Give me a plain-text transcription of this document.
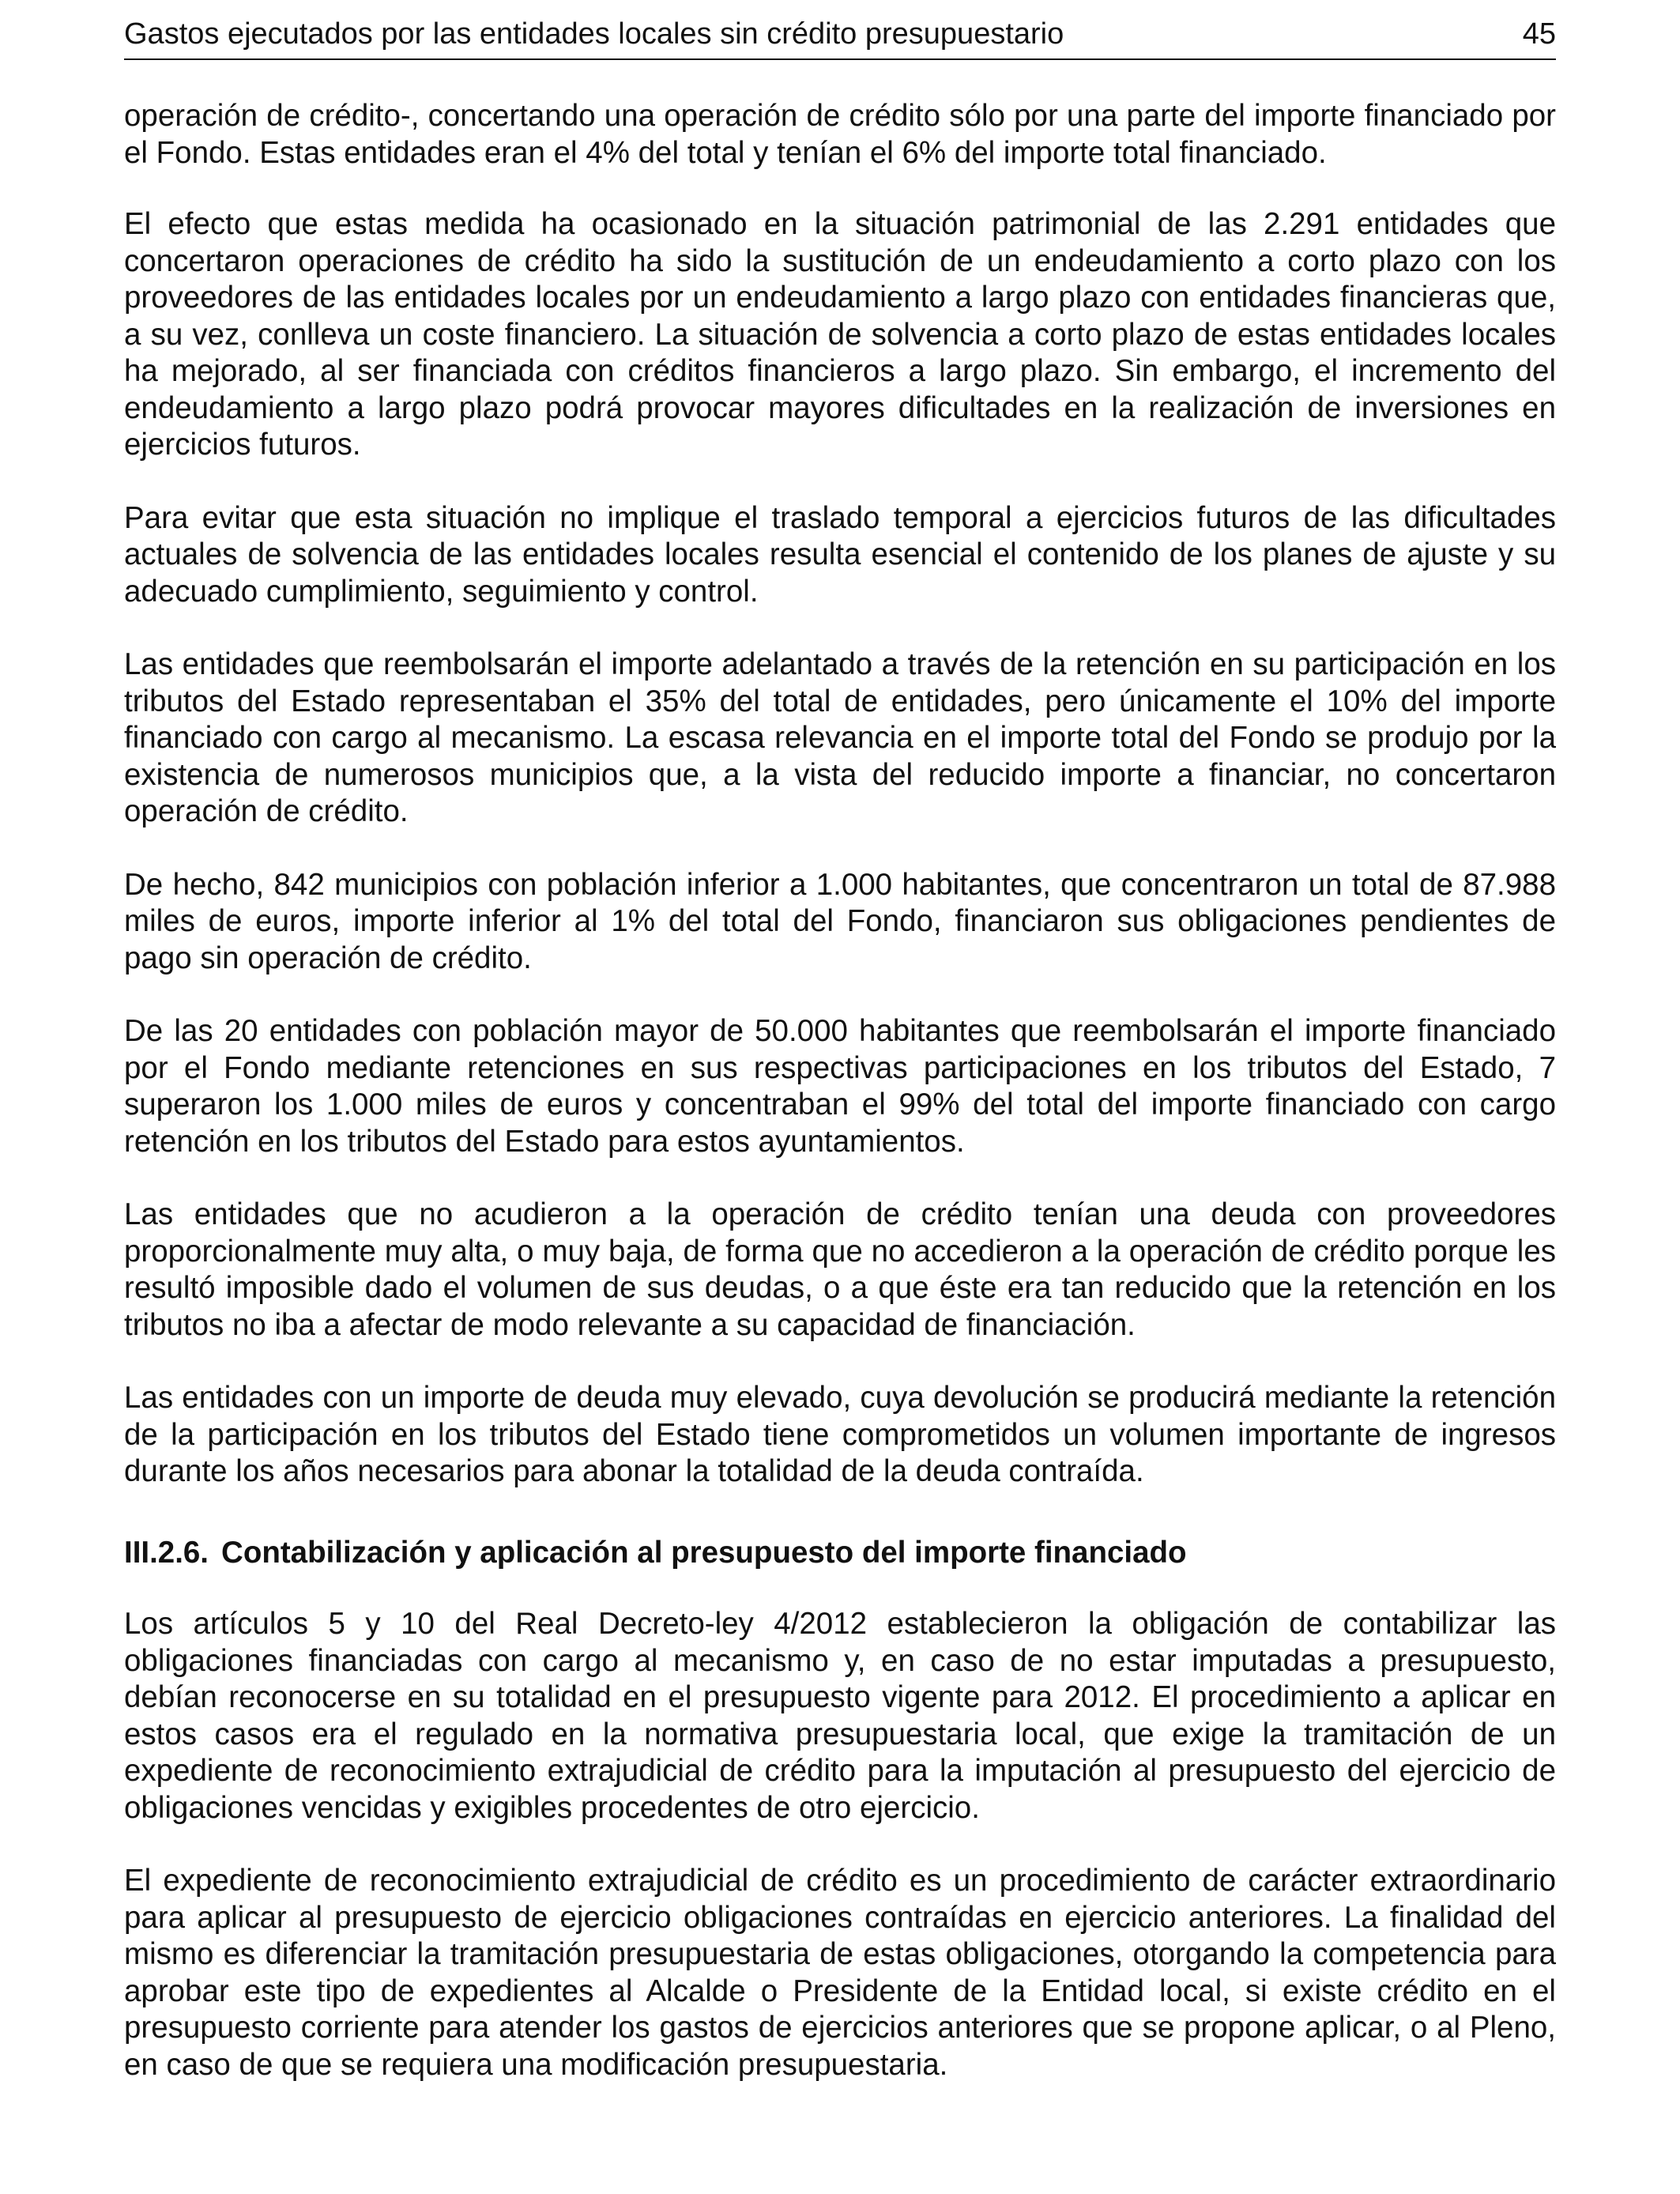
Gastos ejecutados por las entidades locales sin crédito presupuestario	45

operación de crédito-, concertando una operación de crédito sólo por una parte del importe financiado por el Fondo. Estas entidades eran el 4% del total y tenían el 6% del importe total financiado.

El efecto que estas medida ha ocasionado en la situación patrimonial de las 2.291 entidades que concertaron operaciones de crédito ha sido la sustitución de un endeudamiento a corto plazo con los proveedores de las entidades locales por un endeudamiento a largo plazo con entidades financieras que, a su vez, conlleva un coste financiero. La situación de solvencia a corto plazo de estas entidades locales ha mejorado, al ser financiada con créditos financieros a largo plazo. Sin embargo, el incremento del endeudamiento a largo plazo podrá provocar mayores dificultades en la realización de inversiones en ejercicios futuros.

Para evitar que esta situación no implique el traslado temporal a ejercicios futuros de las dificultades actuales de solvencia de las entidades locales resulta esencial el contenido de los planes de ajuste y su adecuado cumplimiento, seguimiento y control.

Las entidades que reembolsarán el importe adelantado a través de la retención en su participación en los tributos del Estado representaban el 35% del total de entidades, pero únicamente el 10% del importe financiado con cargo al mecanismo. La escasa relevancia en el importe total del Fondo se produjo por la existencia de numerosos municipios que, a la vista del reducido importe a financiar, no concertaron operación de crédito.

De hecho, 842 municipios con población inferior a 1.000 habitantes, que concentraron un total de 87.988 miles de euros, importe inferior al 1% del total del Fondo, financiaron sus obligaciones pendientes de pago sin operación de crédito.

De las 20 entidades con población mayor de 50.000 habitantes que reembolsarán el importe financiado por el Fondo mediante retenciones en sus respectivas participaciones en los tributos del Estado, 7 superaron los 1.000 miles de euros y concentraban el 99% del total del importe financiado con cargo retención en los tributos del Estado para estos ayuntamientos.

Las entidades que no acudieron a la operación de crédito tenían una deuda con proveedores proporcionalmente muy alta, o muy baja, de forma que no accedieron a la operación de crédito porque les resultó imposible dado el volumen de sus deudas, o a que éste era tan reducido que la retención en los tributos no iba a afectar de modo relevante a su capacidad de financiación.

Las entidades con un importe de deuda muy elevado, cuya devolución se producirá mediante la retención de la participación en los tributos del Estado tiene comprometidos un volumen importante de ingresos durante los años necesarios para abonar la totalidad de la deuda contraída.

III.2.6. Contabilización y aplicación al presupuesto del importe financiado

Los artículos 5 y 10 del Real Decreto-ley 4/2012 establecieron la obligación de contabilizar las obligaciones financiadas con cargo al mecanismo y, en caso de no estar imputadas a presupuesto, debían reconocerse en su totalidad en el presupuesto vigente para 2012. El procedimiento a aplicar en estos casos era el regulado en la normativa presupuestaria local, que exige la tramitación de un expediente de reconocimiento extrajudicial de crédito para la imputación al presupuesto del ejercicio de obligaciones vencidas y exigibles procedentes de otro ejercicio.

El expediente de reconocimiento extrajudicial de crédito es un procedimiento de carácter extraordinario para aplicar al presupuesto de ejercicio obligaciones contraídas en ejercicio anteriores. La finalidad del mismo es diferenciar la tramitación presupuestaria de estas obligaciones, otorgando la competencia para aprobar este tipo de expedientes al Alcalde o Presidente de la Entidad local, si existe crédito en el presupuesto corriente para atender los gastos de ejercicios anteriores que se propone aplicar, o al Pleno, en caso de que se requiera una modificación presupuestaria.
